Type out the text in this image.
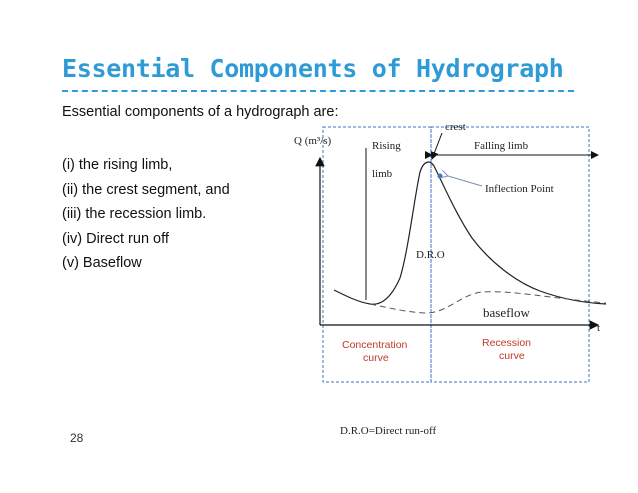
Essential Components of Hydrograph
Essential components of a hydrograph are:
(i) the rising limb,
(ii) the crest segment, and
(iii) the recession limb.
(iv) Direct run off
(v) Baseflow
28
Q (m³/s)
t
crest
Rising
limb
Falling limb
Inflection Point
D.R.O
baseflow
Concentration
curve
Recession
curve
D.R.O=Direct run-off
